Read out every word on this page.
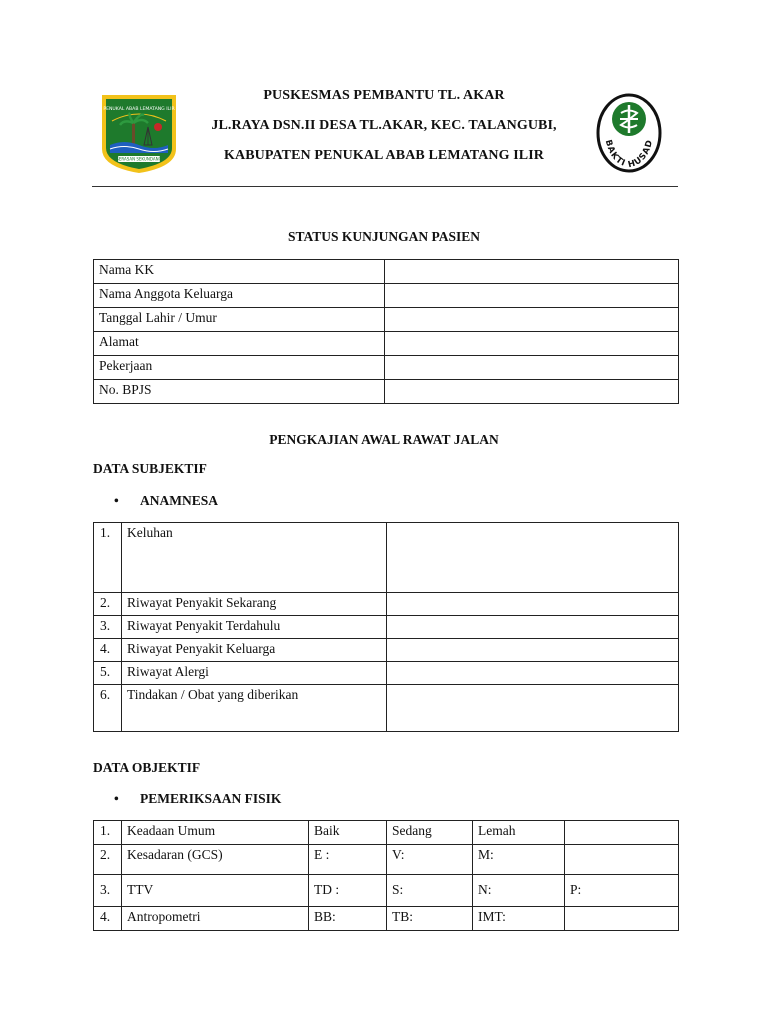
PENUKAL ABAB LEMATANG ILIR
SERASAN SEKUNDANG
PUSKESMAS PEMBANTU TL. AKAR
JL.RAYA DSN.II DESA TL.AKAR, KEC. TALANGUBI,
KABUPATEN PENUKAL ABAB LEMATANG ILIR
BAKTI HUSAD
STATUS KUNJUNGAN PASIEN
Nama KK	
Nama Anggota Keluarga	
Tanggal Lahir / Umur	
Alamat	
Pekerjaan	
No. BPJS	
PENGKAJIAN AWAL RAWAT JALAN
DATA SUBJEKTIF
• ANAMNESA
1.	Keluhan	
2.	Riwayat Penyakit Sekarang	
3.	Riwayat Penyakit Terdahulu	
4.	Riwayat Penyakit Keluarga	
5.	Riwayat Alergi	
6.	Tindakan / Obat yang diberikan	
DATA OBJEKTIF
• PEMERIKSAAN FISIK
1.	Keadaan Umum	Baik	Sedang	Lemah	
2.	Kesadaran (GCS)	E :	V:	M:	
3.	TTV	TD :	S:	N:	P:
4.	Antropometri	BB:	TB:	IMT:	
